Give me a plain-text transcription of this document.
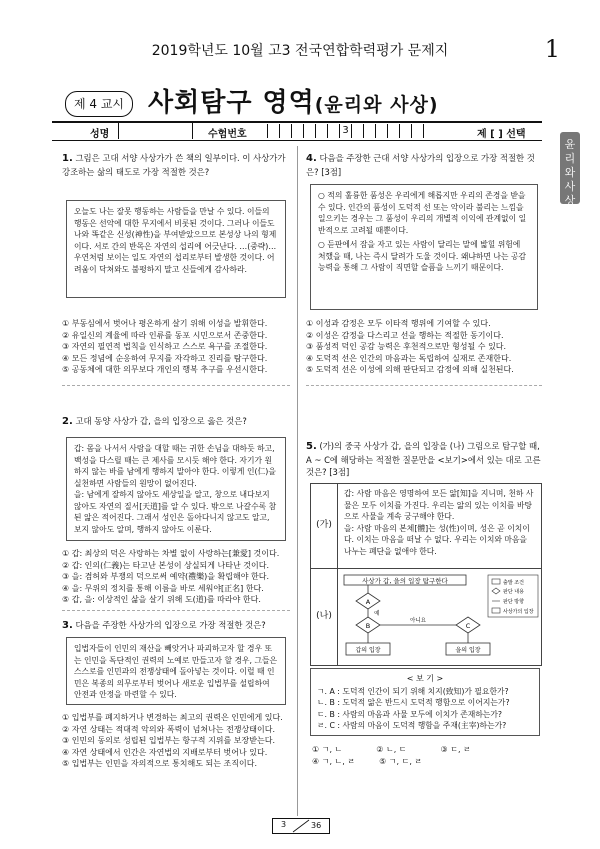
2019학년도 10월 고3 전국연합학력평가 문제지	1
제 4 교시 사회탐구 영역(윤리와 사상)
성명	수험번호	3	제 [ ] 선택
윤리와 사상
1. 그림은 고대 서양 사상가가 쓴 책의 일부이다. 이 사상가가 강조하는 삶의 태도로 가장 적절한 것은?
오늘도 나는 잘못 행동하는 사람들을 만날 수 있다. 이들의 행동은 선악에 대한 무지에서 비롯된 것이다. 그러나 이들도 나와 똑같은 신성(神性)을 부여받았으므로 본성상 나의 형제이다. 서로 간의 반목은 자연의 섭리에 어긋난다. …(중략)… 우연처럼 보이는 일도 자연의 섭리로부터 발생한 것이다. 어려움이 닥쳐와도 불평하지 말고 신들에게 감사하라.
① 부동심에서 벗어나 평온하게 살기 위해 이성을 발휘한다.
② 유일신의 계율에 따라 인류를 동포 시민으로서 존중한다.
③ 자연의 필연적 법칙을 인식하고 스스로 욕구를 조절한다.
④ 모든 정념에 순응하여 무지를 자각하고 진리를 탐구한다.
⑤ 공동체에 대한 의무보다 개인의 행복 추구를 우선시한다.
2. 고대 동양 사상가 갑, 을의 입장으로 옳은 것은?
갑: 몸을 나서서 사람을 대할 때는 귀한 손님을 대하듯 하고, 백성을 다스릴 때는 큰 제사를 모시듯 해야 한다. 자기가 원하지 않는 바를 남에게 행하지 말아야 한다. 이렇게 인(仁)을 실천하면 사람들의 원망이 없어진다.
을: 남에게 잘하지 않아도 세상일을 알고, 창으로 내다보지 않아도 자연의 질서[天道]를 알 수 있다. 밖으로 나갈수록 참된 앎은 적어진다. 그래서 성인은 돌아다니지 않고도 알고, 보지 않아도 알며, 행하지 않아도 이룬다.
① 갑: 최상의 덕은 사랑하는 차별 없이 사랑하는[兼愛] 것이다.
② 갑: 인의(仁義)는 타고난 본성이 상실되게 나타난 것이다.
③ 을: 겸허와 부쟁의 덕으로써 예약(禮樂)을 확립해야 한다.
④ 을: 무위의 정치를 통해 이름을 바로 세워야[正名] 한다.
⑤ 갑, 을: 이상적인 삶을 살기 위해 도(道)를 따라야 한다.
3. 다음을 주장한 사상가의 입장으로 가장 적절한 것은?
입법자들이 인민의 재산을 빼앗거나 파괴하고자 할 경우 또는 인민을 독단적인 권력의 노예로 만들고자 할 경우, 그들은 스스로를 인민과의 전쟁상태에 돌아넣는 것이다. 이럴 때 인민은 복종의 의무로부터 벗어나 새로운 입법부를 설립하여 안전과 안정을 마련할 수 있다.
① 입법부를 폐지하거나 변경하는 최고의 권력은 인민에게 있다.
② 자연 상태는 적대적 악의와 폭력이 넘쳐나는 전쟁상태이다.
③ 인민의 동의로 성립된 입법부는 항구적 지위를 보장받는다.
④ 자연 상태에서 인간은 자연법의 지배로부터 벗어나 있다.
⑤ 입법부는 인민을 자의적으로 통치해도 되는 조직이다.
4. 다음을 주장한 근대 서양 사상가의 입장으로 가장 적절한 것은? [3점]
○ 적의 훌륭한 품성은 우리에게 해롭지만 우리의 존경을 받을 수 있다. 인간의 품성이 도덕적 선 또는 악이라 불리는 느낌을 일으키는 경우는 그 품성이 우리의 개별적 이익에 관계없이 일반적으로 고려될 때뿐이다.
○ 듣판에서 잠을 자고 있는 사람이 달리는 말에 밟힐 위험에 처했을 때, 나는 즉시 달려가 도울 것이다. 왜냐하면 나는 공감 능력을 통해 그 사람이 직면할 슬픔을 느끼기 때문이다.
① 이성과 감정은 모두 이타적 행위에 기여할 수 있다.
② 이성은 감정을 다스리고 선을 행하는 적절한 동기이다.
③ 품성적 덕인 공감 능력은 후천적으로만 형성될 수 있다.
④ 도덕적 선은 인간의 마음과는 독립하여 실재로 존재한다.
⑤ 도덕적 선은 이성에 의해 판단되고 감정에 의해 실천된다.
5. (가)의 중국 사상가 갑, 을의 입장을 (나) 그림으로 탐구할 때, A ~ C에 해당하는 적절한 질문만을 <보기>에서 있는 대로 고른 것은? [3점]
(가)
갑: 사람 마음은 영명하여 모든 앎[知]을 지니며, 천하 사물은 모두 이치를 가진다. 우리는 앎의 있는 이치를 바탕으로 사물을 계속 궁구해야 한다.
을: 사람 마음의 본체[體]는 성(性)이며, 성은 곧 이치이다. 이치는 마음을 떠날 수 없다. 우리는 이치와 마음을 나누는 폐단을 없애야 한다.
(나)
사상가 갑, 을의 입장 탐구한다
A
B
아니요
예
C
갑의 입장	을의 입장
출발 조건
판단 내용
판단 방향
사상가의 입장
< 보 기 >
ㄱ. A : 도덕적 인간이 되기 위해 치지(致知)가 필요한가?
ㄴ. B : 도덕적 앎은 반드시 도덕적 행함으로 이어지는가?
ㄷ. B : 사람의 마음과 사물 모두에 이치가 존재하는가?
ㄹ. C : 사람의 마음이 도덕적 행함을 주재(主宰)하는가?
① ㄱ, ㄴ	② ㄴ, ㄷ	③ ㄷ, ㄹ
④ ㄱ, ㄴ, ㄹ	⑤ ㄱ, ㄷ, ㄹ
3	36
